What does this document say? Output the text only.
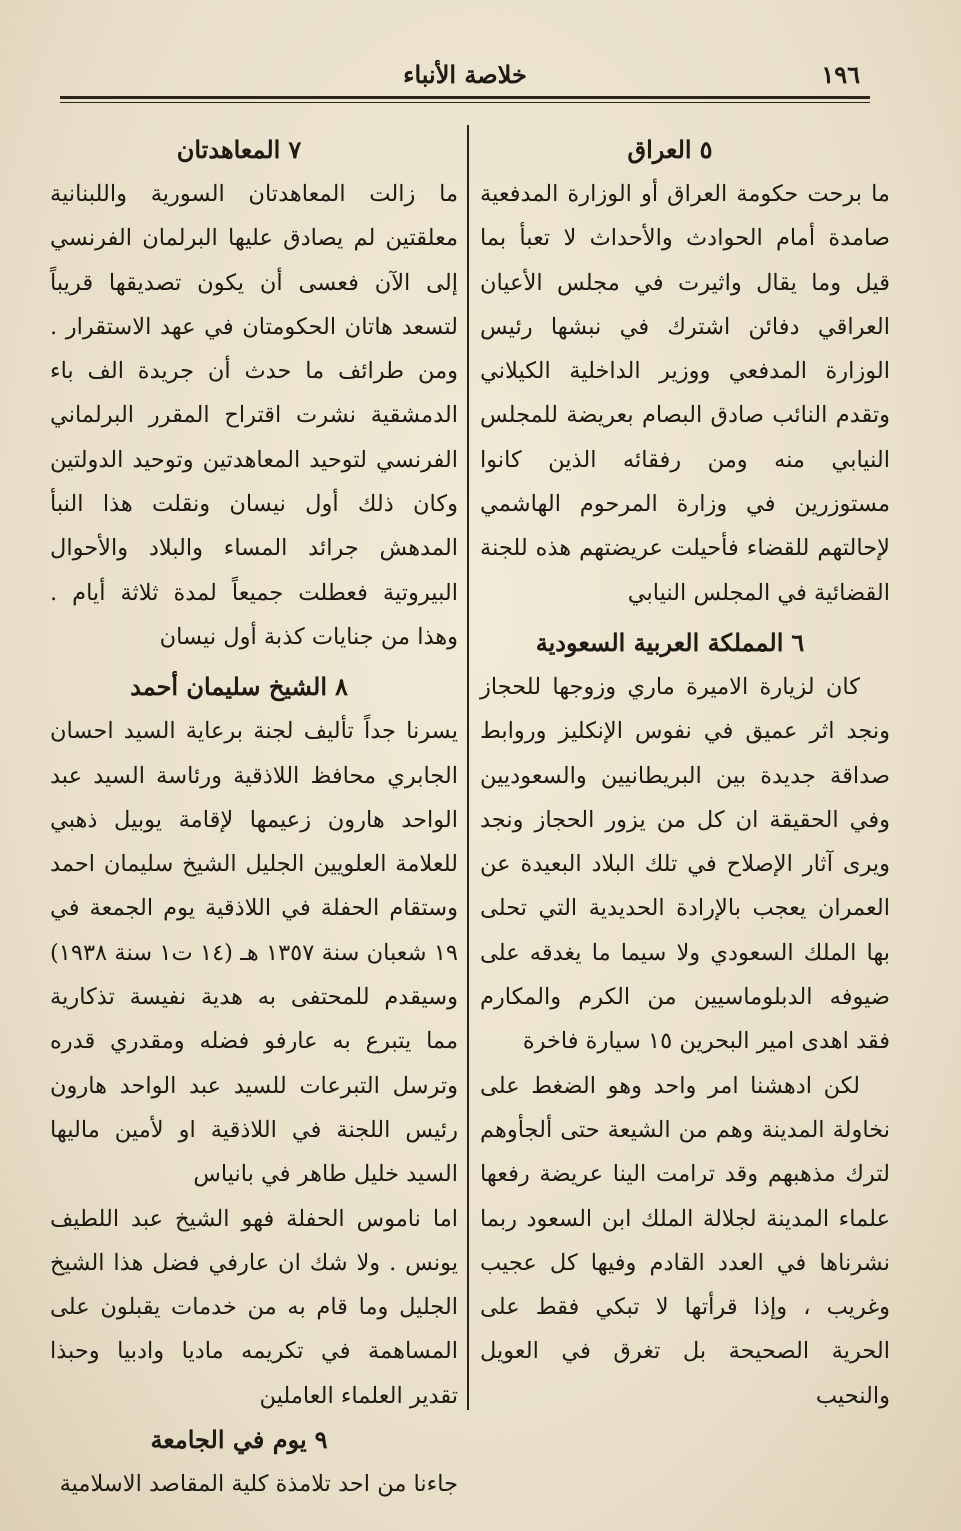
١٩٦
خلاصة الأنباء
٥العراق

ما برحت حكومة العراق أو الوزارة المدفعية صامدة أمام الحوادث والأحداث لا تعبأ بما قيل وما يقال واثيرت في مجلس الأعيان العراقي دفائن اشترك في نبشها رئيس الوزارة المدفعي ووزير الداخلية الكيلاني وتقدم النائب صادق البصام بعريضة للمجلس النيابي منه ومن رفقائه الذين كانوا مستوزرين في وزارة المرحوم الهاشمي لإحالتهم للقضاء فأحيلت عريضتهم هذه للجنة القضائية في المجلس النيابي

٦المملكة العربية السعودية

كان لزيارة الاميرة ماري وزوجها للحجاز ونجد اثر عميق في نفوس الإنكليز وروابط صداقة جديدة بين البريطانيين والسعوديين وفي الحقيقة ان كل من يزور الحجاز ونجد ويرى آثار الإصلاح في تلك البلاد البعيدة عن العمران يعجب بالإرادة الحديدية التي تحلى بها الملك السعودي ولا سيما ما يغدقه على ضيوفه الدبلوماسيين من الكرم والمكارم فقد اهدى امير البحرين ١٥ سيارة فاخرة

لكن ادهشنا امر واحد وهو الضغط على نخاولة المدينة وهم من الشيعة حتى ألجأوهم لترك مذهبهم وقد ترامت الينا عريضة رفعها علماء المدينة لجلالة الملك ابن السعود ربما نشرناها في العدد القادم وفيها كل عجيب وغريب ، وإذا قرأتها لا تبكي فقط على الحرية الصحيحة بل تغرق في العويل والنحيب

٧المعاهدتان

ما زالت المعاهدتان السورية واللبنانية معلقتين لم يصادق عليها البرلمان الفرنسي إلى الآن فعسى أن يكون تصديقها قريباً لتسعد هاتان الحكومتان في عهد الاستقرار . ومن طرائف ما حدث أن جريدة الف باء الدمشقية نشرت اقتراح المقرر البرلماني الفرنسي لتوحيد المعاهدتين وتوحيد الدولتين وكان ذلك أول نيسان ونقلت هذا النبأ المدهش جرائد المساء والبلاد والأحوال البيروتية فعطلت جميعاً لمدة ثلاثة أيام . وهذا من جنايات كذبة أول نيسان

٨الشيخ سليمان أحمد

يسرنا جداً تأليف لجنة برعاية السيد احسان الجابري محافظ اللاذقية ورئاسة السيد عبد الواحد هارون زعيمها لإقامة يوبيل ذهبي للعلامة العلويين الجليل الشيخ سليمان احمد وستقام الحفلة في اللاذقية يوم الجمعة في ١٩ شعبان سنة ١٣٥٧ هـ (١٤ ت١ سنة ١٩٣٨) وسيقدم للمحتفى به هدية نفيسة تذكارية مما يتبرع به عارفو فضله ومقدري قدره وترسل التبرعات للسيد عبد الواحد هارون رئيس اللجنة في اللاذقية او لأمين ماليها السيد خليل طاهر في بانياس

اما ناموس الحفلة فهو الشيخ عبد اللطيف يونس . ولا شك ان عارفي فضل هذا الشيخ الجليل وما قام به من خدمات يقبلون على المساهمة في تكريمه ماديا وادبيا وحبذا تقدير العلماء العاملين

٩يوم في الجامعة

جاءنا من احد تلامذة كلية المقاصد الاسلامية
